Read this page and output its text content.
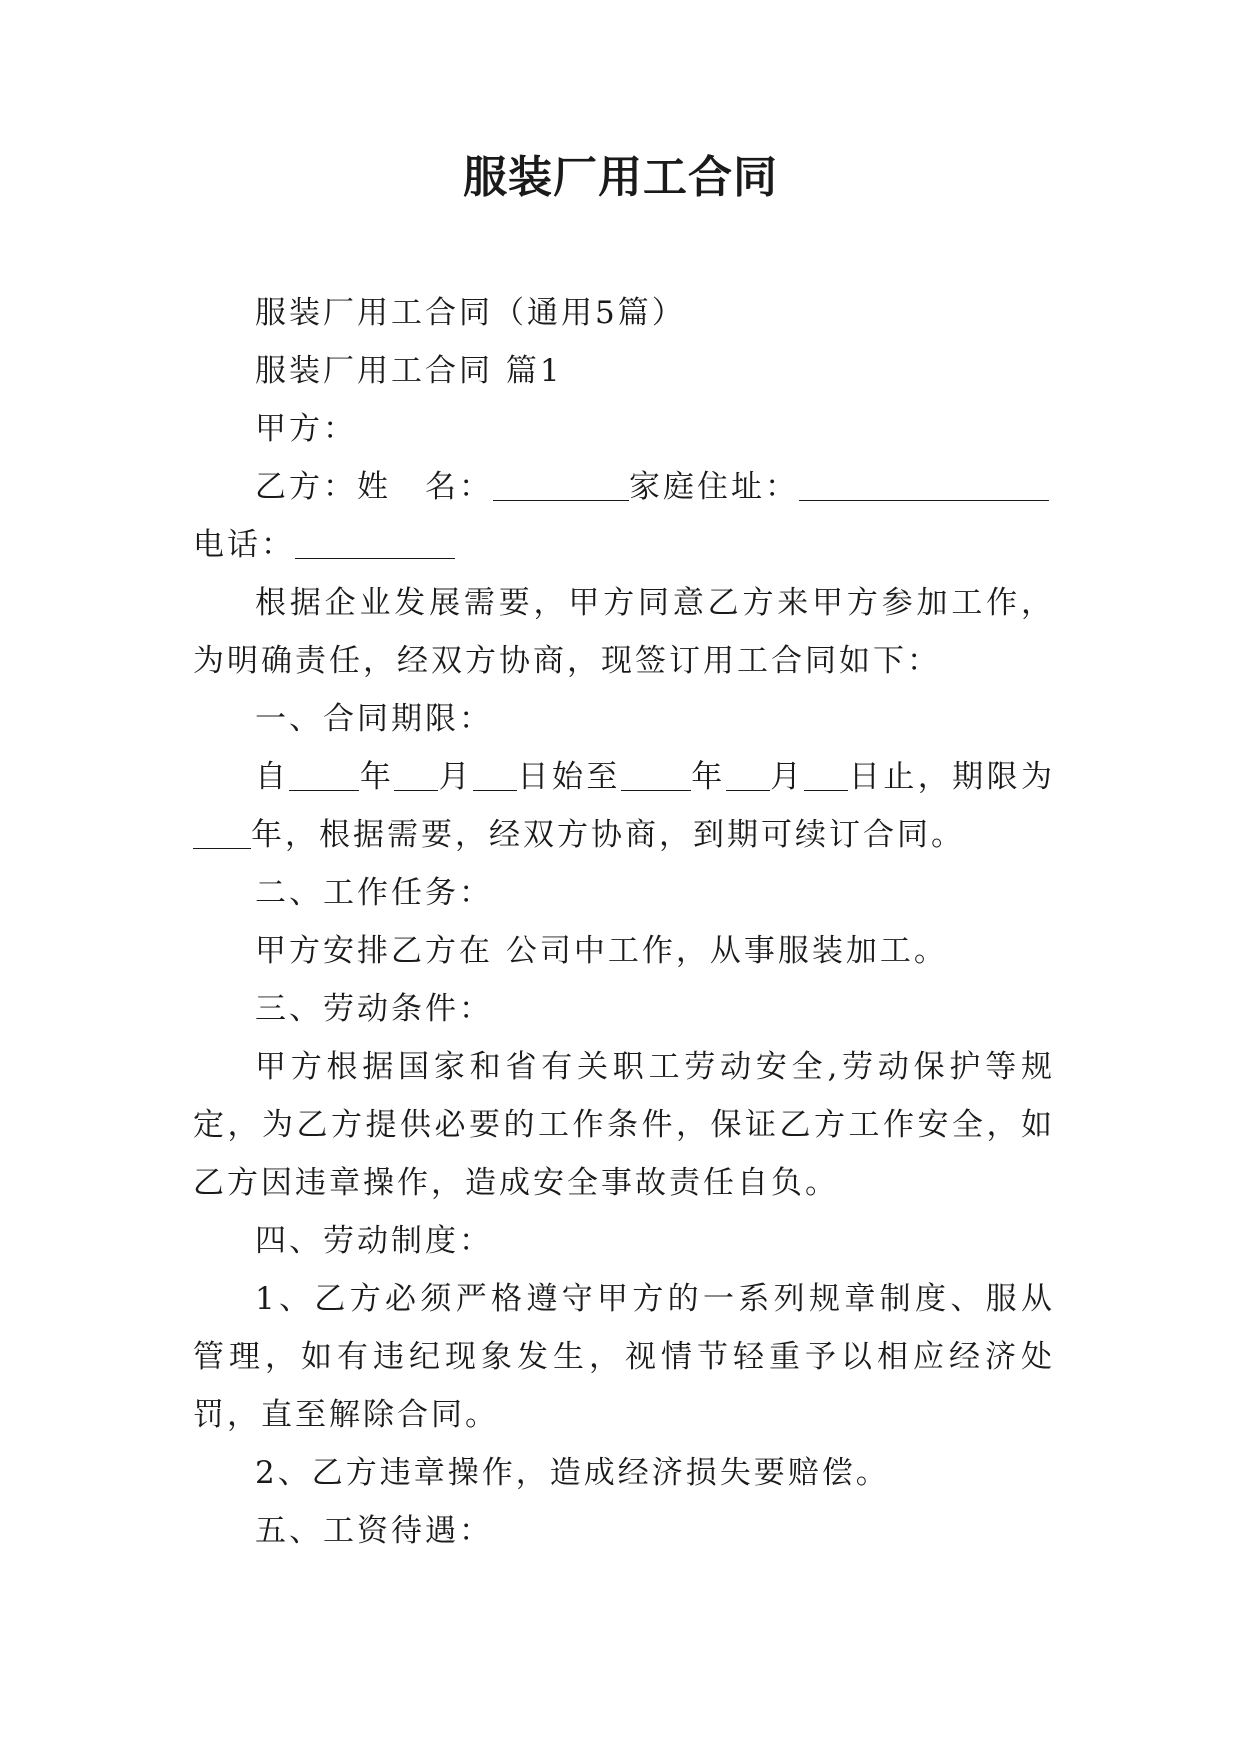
服装厂用工合同

服装厂用工合同（通用5篇）

服装厂用工合同 篇1

甲方：

乙方：姓　名：	家庭住址：
电话：

根据企业发展需要，甲方同意乙方来甲方参加工作，为明确责任，经双方协商，现签订用工合同如下：

一、合同期限：

自 年 月 日始至 年 月 日止，期限为年，根据需要，经双方协商，到期可续订合同。

二、工作任务：

甲方安排乙方在 公司中工作，从事服装加工。

三、劳动条件：

甲方根据国家和省有关职工劳动安全,劳动保护等规定，为乙方提供必要的工作条件，保证乙方工作安全，如乙方因违章操作，造成安全事故责任自负。

四、劳动制度：

1、乙方必须严格遵守甲方的一系列规章制度、服从管理，如有违纪现象发生，视情节轻重予以相应经济处罚，直至解除合同。

2、乙方违章操作，造成经济损失要赔偿。

五、工资待遇：
